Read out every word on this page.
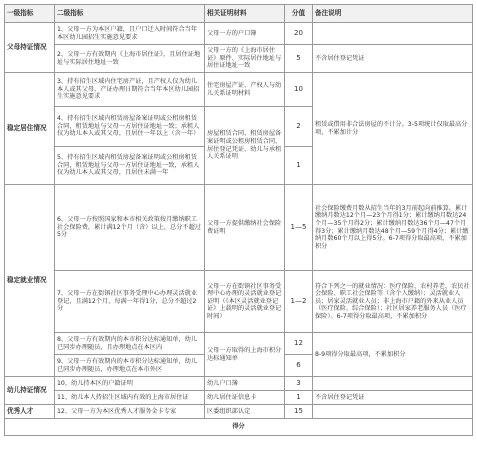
一级指标	二级指标	相关证明材料	分值	备注说明
父母持证情况	1、父母一方为本区户籍，且户口迁入时间符合当年本区幼儿园招生实施意见要求	父母一方的户口簿	20	
	2、父母一方有效期内《上海市居住证》，且居住证地址与实际居住地址一致	父母一方的《上海市居住证》原件、实际居住地址与居住证地址一致	5	不含居住登记凭证
稳定居住情况	3、持有招生区域内住宅房产证，且产权人仅为幼儿本人或其父母，产证办理日期符合当年本区幼儿园招生实施意见要求	住宅房屋产证、产权人与幼儿关系证明材料	10	租赁或借用非合法房屋的不计分。3-5项统计仅取最高分项，不累加计分
	4、持有招生区域内租赁房屋备案证明或公租房租赁合同，租赁地址与父母一方居住证地址一致；承租人仅为幼儿本人或其父母，且居住一年以上（含一年）	房屋租赁合同、租赁房屋备案证明或公租房租赁合同、居住登记凭证、幼儿与承租人关系证明	2	
	5、持有招生区域内租赁房屋备案证明或公租房租赁合同，租赁地址与父母一方居住证地址一致，承租人仅为幼儿本人或其父母，且居住未满一年		1	
稳定就业情况	6、父母一方按照国家和本市相关政策按月缴纳职工社会保险费，累计满12个月（含）以上，总分不超过5分	父母一方提供缴纳社会保险费证明	1—5	社会保险缴费月数从招生当年的3月前起向前推算。累计缴纳月数达12个月—23个月得1分；累计缴纳月数达24个月—35个月得2分；累计缴纳月数达36个月—47个月得3分；累计缴纳月数达48个月—59个月得4分；累计缴纳月数60个月以上得5分。6-7项得分取最高项，不累加积分
	7、父母一方在街镇社区事务受理中心办理灵活就业登记，且满12个月，每满一年得1分，总分不超过2分	父母一方在街镇社区事务受理中心办理的灵活就业登记证明（《本区灵活就业登记证》上载明的灵活就业登记时间）	1—2	符合下列之一的就业情况：医疗保险、农村养老、农民社会保险、职工社会保险等（含个人缴纳）；灵活就业人员；居家灵活就业人员；非上海市户籍的外来从业人员（医疗保险、综合保险）；社区居家养老服务人员（医疗保险）。6-7项得分取最高项，不累加积分
	8、父母一方有效期内的本市积分达标通知单，幼儿已同步办理随员，且办理地点在本区内	父母一方取得的上海市积分达标通知单	12	8-9项得分取最高项，不累加积分
	9、父母一方有效期内的本市积分达标通知单，幼儿已同步办理随员，办理地点在本市外区		6	
幼儿持证情况	10、幼儿持本区的户籍证明	幼儿户口簿	3	
	11、幼儿本人持招生区域内有效的上海市居住证	幼儿居住证信息卡	1	不含居住登记凭证
优秀人才	12、父母一方为本区优秀人才服务金卡专家	区委组织部认定	15	
得分				
